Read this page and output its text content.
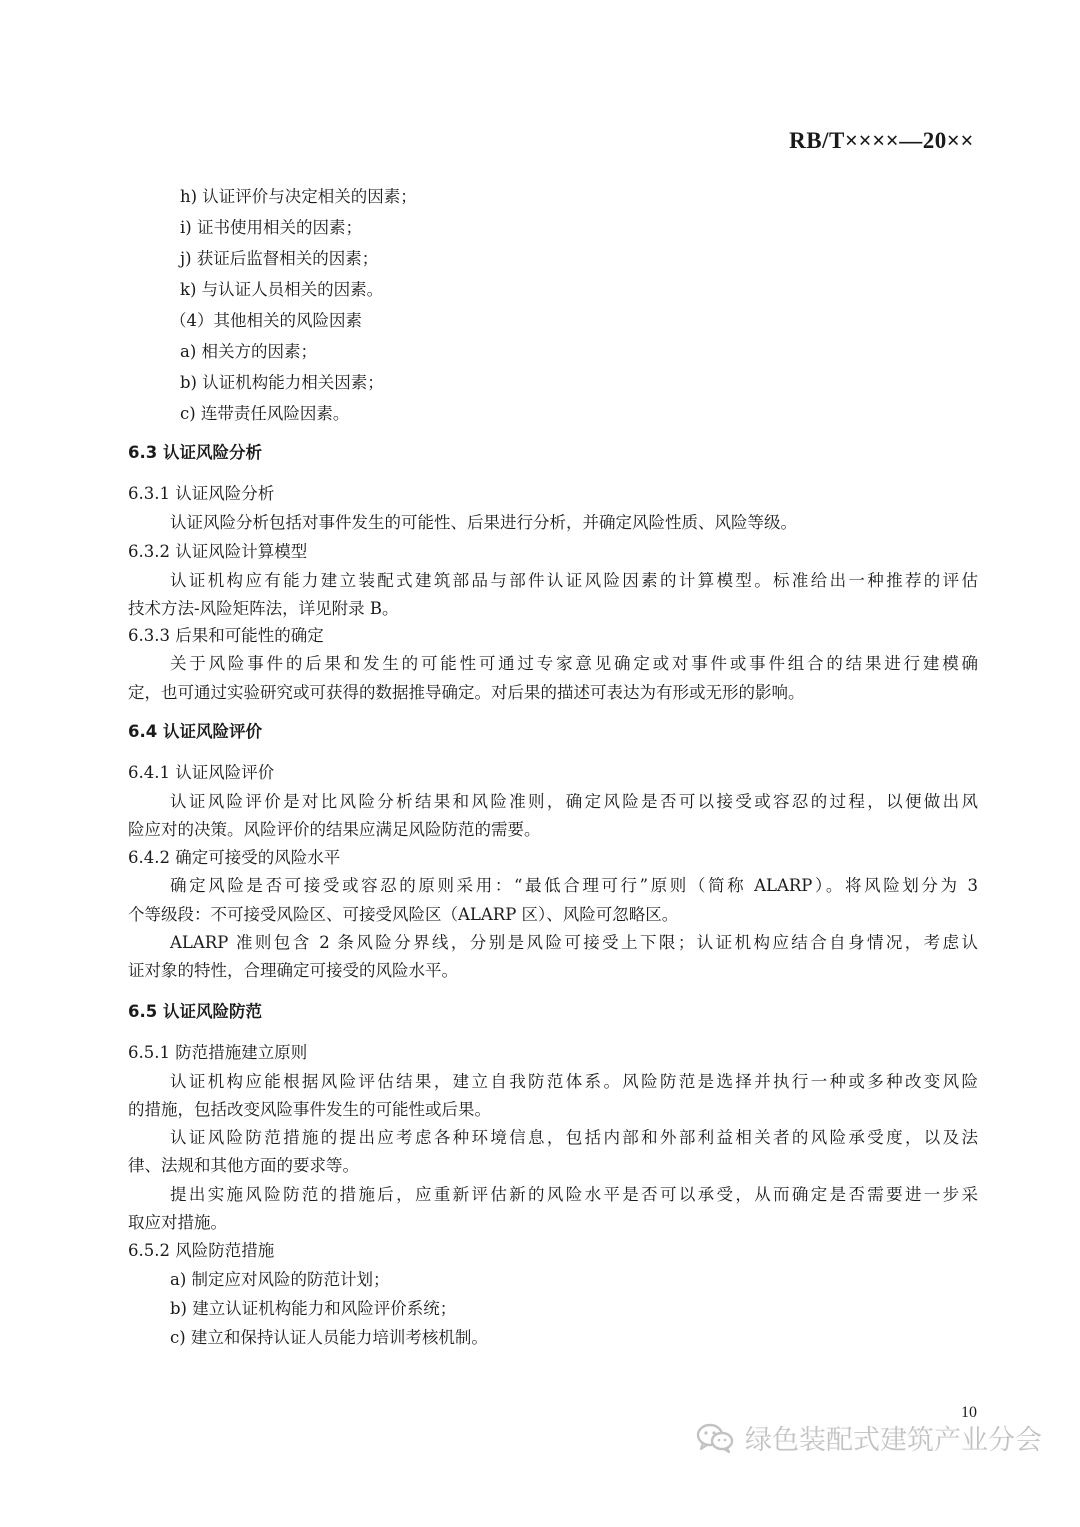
RB/T××××—20××
h) 认证评价与决定相关的因素；
i) 证书使用相关的因素；
j) 获证后监督相关的因素；
k) 与认证人员相关的因素。
（4）其他相关的风险因素
a) 相关方的因素；
b) 认证机构能力相关因素；
c) 连带责任风险因素。
6.3 认证风险分析
6.3.1 认证风险分析
认证风险分析包括对事件发生的可能性、后果进行分析，并确定风险性质、风险等级。
6.3.2 认证风险计算模型
认证机构应有能力建立装配式建筑部品与部件认证风险因素的计算模型。标准给出一种推荐的评估
技术方法-风险矩阵法，详见附录 B。
6.3.3 后果和可能性的确定
关于风险事件的后果和发生的可能性可通过专家意见确定或对事件或事件组合的结果进行建模确
定，也可通过实验研究或可获得的数据推导确定。对后果的描述可表达为有形或无形的影响。
6.4 认证风险评价
6.4.1 认证风险评价
认证风险评价是对比风险分析结果和风险准则，确定风险是否可以接受或容忍的过程，以便做出风
险应对的决策。风险评价的结果应满足风险防范的需要。
6.4.2 确定可接受的风险水平
确定风险是否可接受或容忍的原则采用：“最低合理可行”原则（简称 ALARP）。将风险划分为 3
个等级段：不可接受风险区、可接受风险区（ALARP 区）、风险可忽略区。
ALARP 准则包含 2 条风险分界线，分别是风险可接受上下限；认证机构应结合自身情况，考虑认
证对象的特性，合理确定可接受的风险水平。
6.5 认证风险防范
6.5.1 防范措施建立原则
认证机构应能根据风险评估结果，建立自我防范体系。风险防范是选择并执行一种或多种改变风险
的措施，包括改变风险事件发生的可能性或后果。
认证风险防范措施的提出应考虑各种环境信息，包括内部和外部利益相关者的风险承受度，以及法
律、法规和其他方面的要求等。
提出实施风险防范的措施后，应重新评估新的风险水平是否可以承受，从而确定是否需要进一步采
取应对措施。
6.5.2 风险防范措施
a) 制定应对风险的防范计划；
b) 建立认证机构能力和风险评价系统；
c) 建立和保持认证人员能力培训考核机制。
10
绿色装配式建筑产业分会
